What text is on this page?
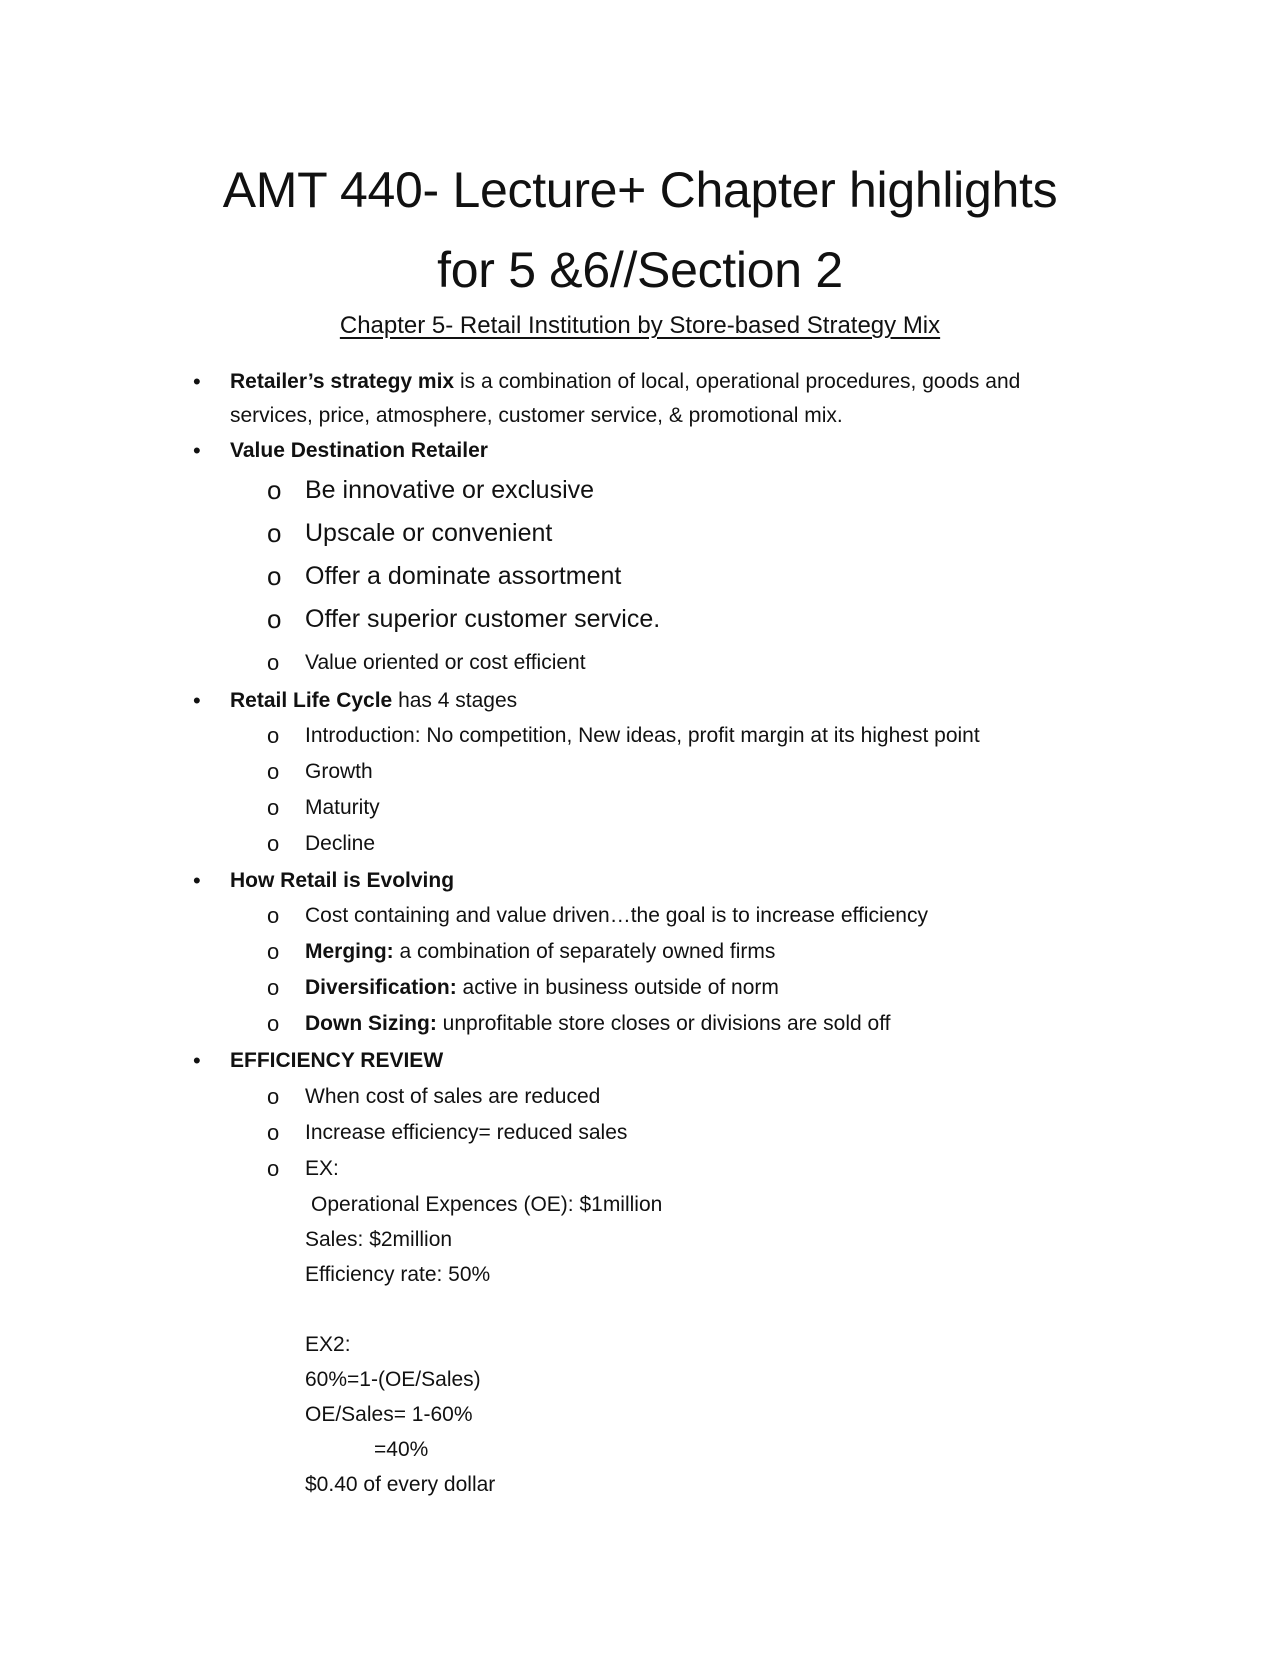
AMT 440- Lecture+ Chapter highlights
for 5 &6//Section 2
Chapter 5- Retail Institution by Store-based Strategy Mix
• Retailer’s strategy mix is a combination of local, operational procedures, goods and
services, price, atmosphere, customer service, & promotional mix.
• Value Destination Retailer
o Be innovative or exclusive
o Upscale or convenient
o Offer a dominate assortment
o Offer superior customer service.
o Value oriented or cost efficient
• Retail Life Cycle has 4 stages
o Introduction: No competition, New ideas, profit margin at its highest point
o Growth
o Maturity
o Decline
• How Retail is Evolving
o Cost containing and value driven…the goal is to increase efficiency
o Merging: a combination of separately owned firms
o Diversification: active in business outside of norm
o Down Sizing: unprofitable store closes or divisions are sold off
• EFFICIENCY REVIEW
o When cost of sales are reduced
o Increase efficiency= reduced sales
o EX:
Operational Expences (OE): $1million
Sales: $2million
Efficiency rate: 50%
EX2:
60%=1-(OE/Sales)
OE/Sales= 1-60%
=40%
$0.40 of every dollar
